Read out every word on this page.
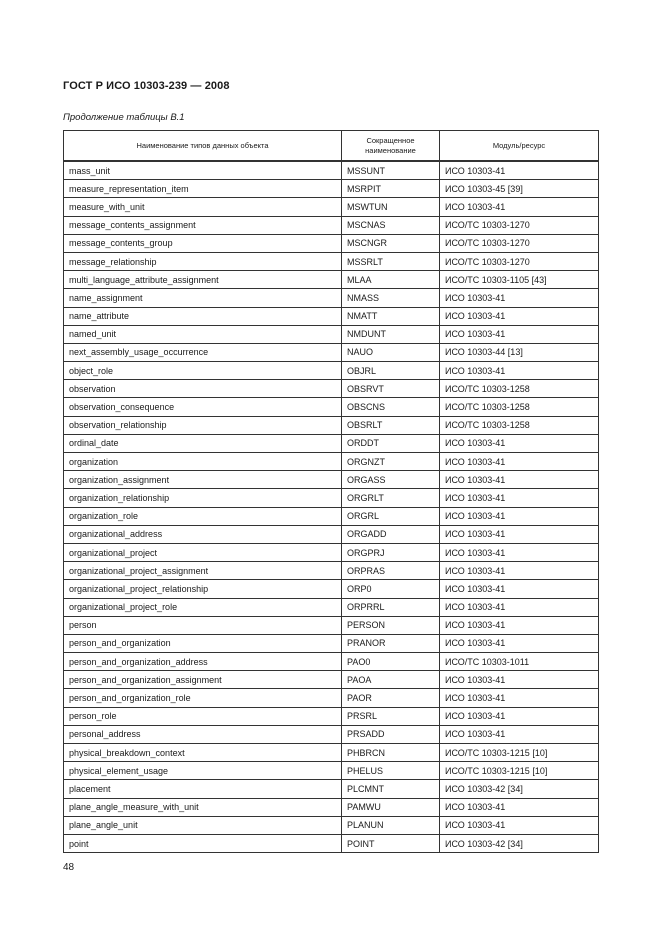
ГОСТ Р ИСО 10303-239 — 2008
Продолжение таблицы В.1
Наименование типов данных объекта	Сокращенное наименование	Модуль/ресурс
mass_unit	MSSUNT	ИСО 10303-41
measure_representation_item	MSRPIT	ИСО 10303-45 [39]
measure_with_unit	MSWTUN	ИСО 10303-41
message_contents_assignment	MSCNAS	ИСО/ТС 10303-1270
message_contents_group	MSCNGR	ИСО/ТС 10303-1270
message_relationship	MSSRLT	ИСО/ТС 10303-1270
multi_language_attribute_assignment	MLAA	ИСО/ТС 10303-1105 [43]
name_assignment	NMASS	ИСО 10303-41
name_attribute	NMATT	ИСО 10303-41
named_unit	NMDUNT	ИСО 10303-41
next_assembly_usage_occurrence	NAUO	ИСО 10303-44 [13]
object_role	OBJRL	ИСО 10303-41
observation	OBSRVT	ИСО/ТС 10303-1258
observation_consequence	OBSCNS	ИСО/ТС 10303-1258
observation_relationship	OBSRLT	ИСО/ТС 10303-1258
ordinal_date	ORDDT	ИСО 10303-41
organization	ORGNZT	ИСО 10303-41
organization_assignment	ORGASS	ИСО 10303-41
organization_relationship	ORGRLT	ИСО 10303-41
organization_role	ORGRL	ИСО 10303-41
organizational_address	ORGADD	ИСО 10303-41
organizational_project	ORGPRJ	ИСО 10303-41
organizational_project_assignment	ORPRAS	ИСО 10303-41
organizational_project_relationship	ORP0	ИСО 10303-41
organizational_project_role	ORPRRL	ИСО 10303-41
person	PERSON	ИСО 10303-41
person_and_organization	PRANOR	ИСО 10303-41
person_and_organization_address	PAO0	ИСО/ТС 10303-1011
person_and_organization_assignment	PAOA	ИСО 10303-41
person_and_organization_role	PAOR	ИСО 10303-41
person_role	PRSRL	ИСО 10303-41
personal_address	PRSADD	ИСО 10303-41
physical_breakdown_context	PHBRCN	ИСО/ТС 10303-1215 [10]
physical_element_usage	PHELUS	ИСО/ТС 10303-1215 [10]
placement	PLCMNT	ИСО 10303-42 [34]
plane_angle_measure_with_unit	PAMWU	ИСО 10303-41
plane_angle_unit	PLANUN	ИСО 10303-41
point	POINT	ИСО 10303-42 [34]
48
